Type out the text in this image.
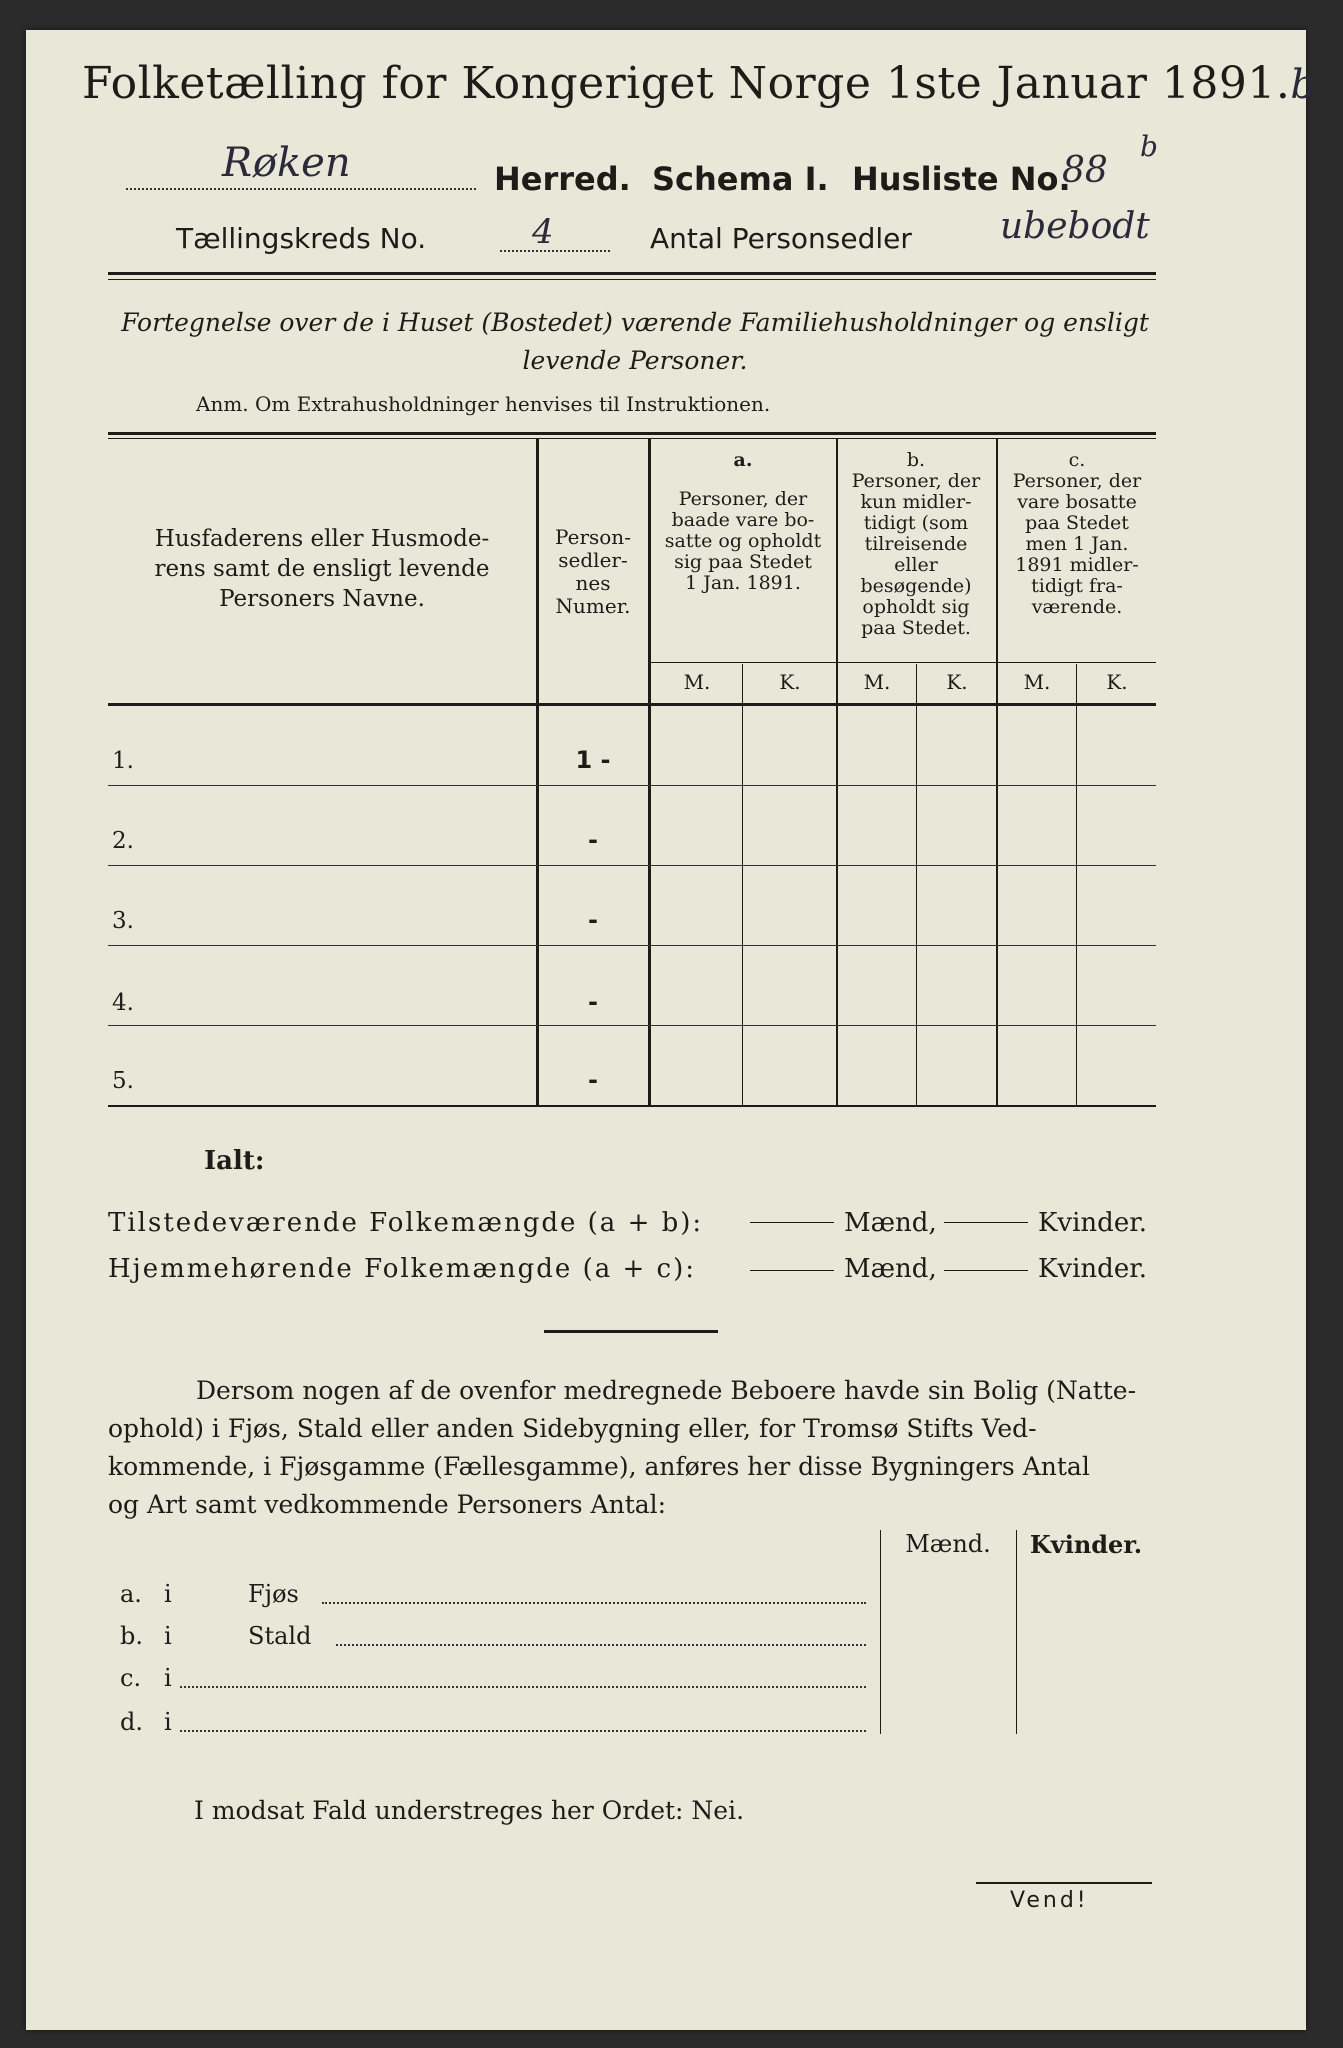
Folketælling for Kongeriget Norge 1ste Januar 1891.b
Røken	Herred. Schema I. Husliste No.
88
b
Tællingskreds No.	4	Antal Personsedler ubebodt
Fortegnelse over de i Huset (Bostedet) værende Familiehusholdninger og ensligt
levende Personer.
Anm. Om Extrahusholdninger henvises til Instruktionen.
Husfaderens eller Husmode-
rens samt de ensligt levende
Personers Navne.
Person-
sedler-
nes
Numer.
a.
Personer, der
baade vare bo-
satte og opholdt
sig paa Stedet
1 Jan. 1891.
b.
Personer, der
kun midler-
tidigt (som
tilreisende
eller
besøgende)
opholdt sig
paa Stedet.
c.
Personer, der
vare bosatte
paa Stedet
men 1 Jan.
1891 midler-
tidigt fra-
værende.
M.	K.	M.	K.	M.	K.
1.	1 -
2.	-
3.	-
4.	-
5.	-
Ialt:
Tilstedeværende Folkemængde (a + b):	Mænd,	Kvinder.
Hjemmehørende Folkemængde (a + c):	Mænd,	Kvinder.
Dersom nogen af de ovenfor medregnede Beboere havde sin Bolig (Natte-
ophold) i Fjøs, Stald eller anden Sidebygning eller, for Tromsø Stifts Ved-
kommende, i Fjøsgamme (Fællesgamme), anføres her disse Bygningers Antal
og Art samt vedkommende Personers Antal:
Mænd.	Kvinder.
a. i	Fjøs
b. i	Stald
c. i
d. i
I modsat Fald understreges her Ordet: Nei.
Vend!
